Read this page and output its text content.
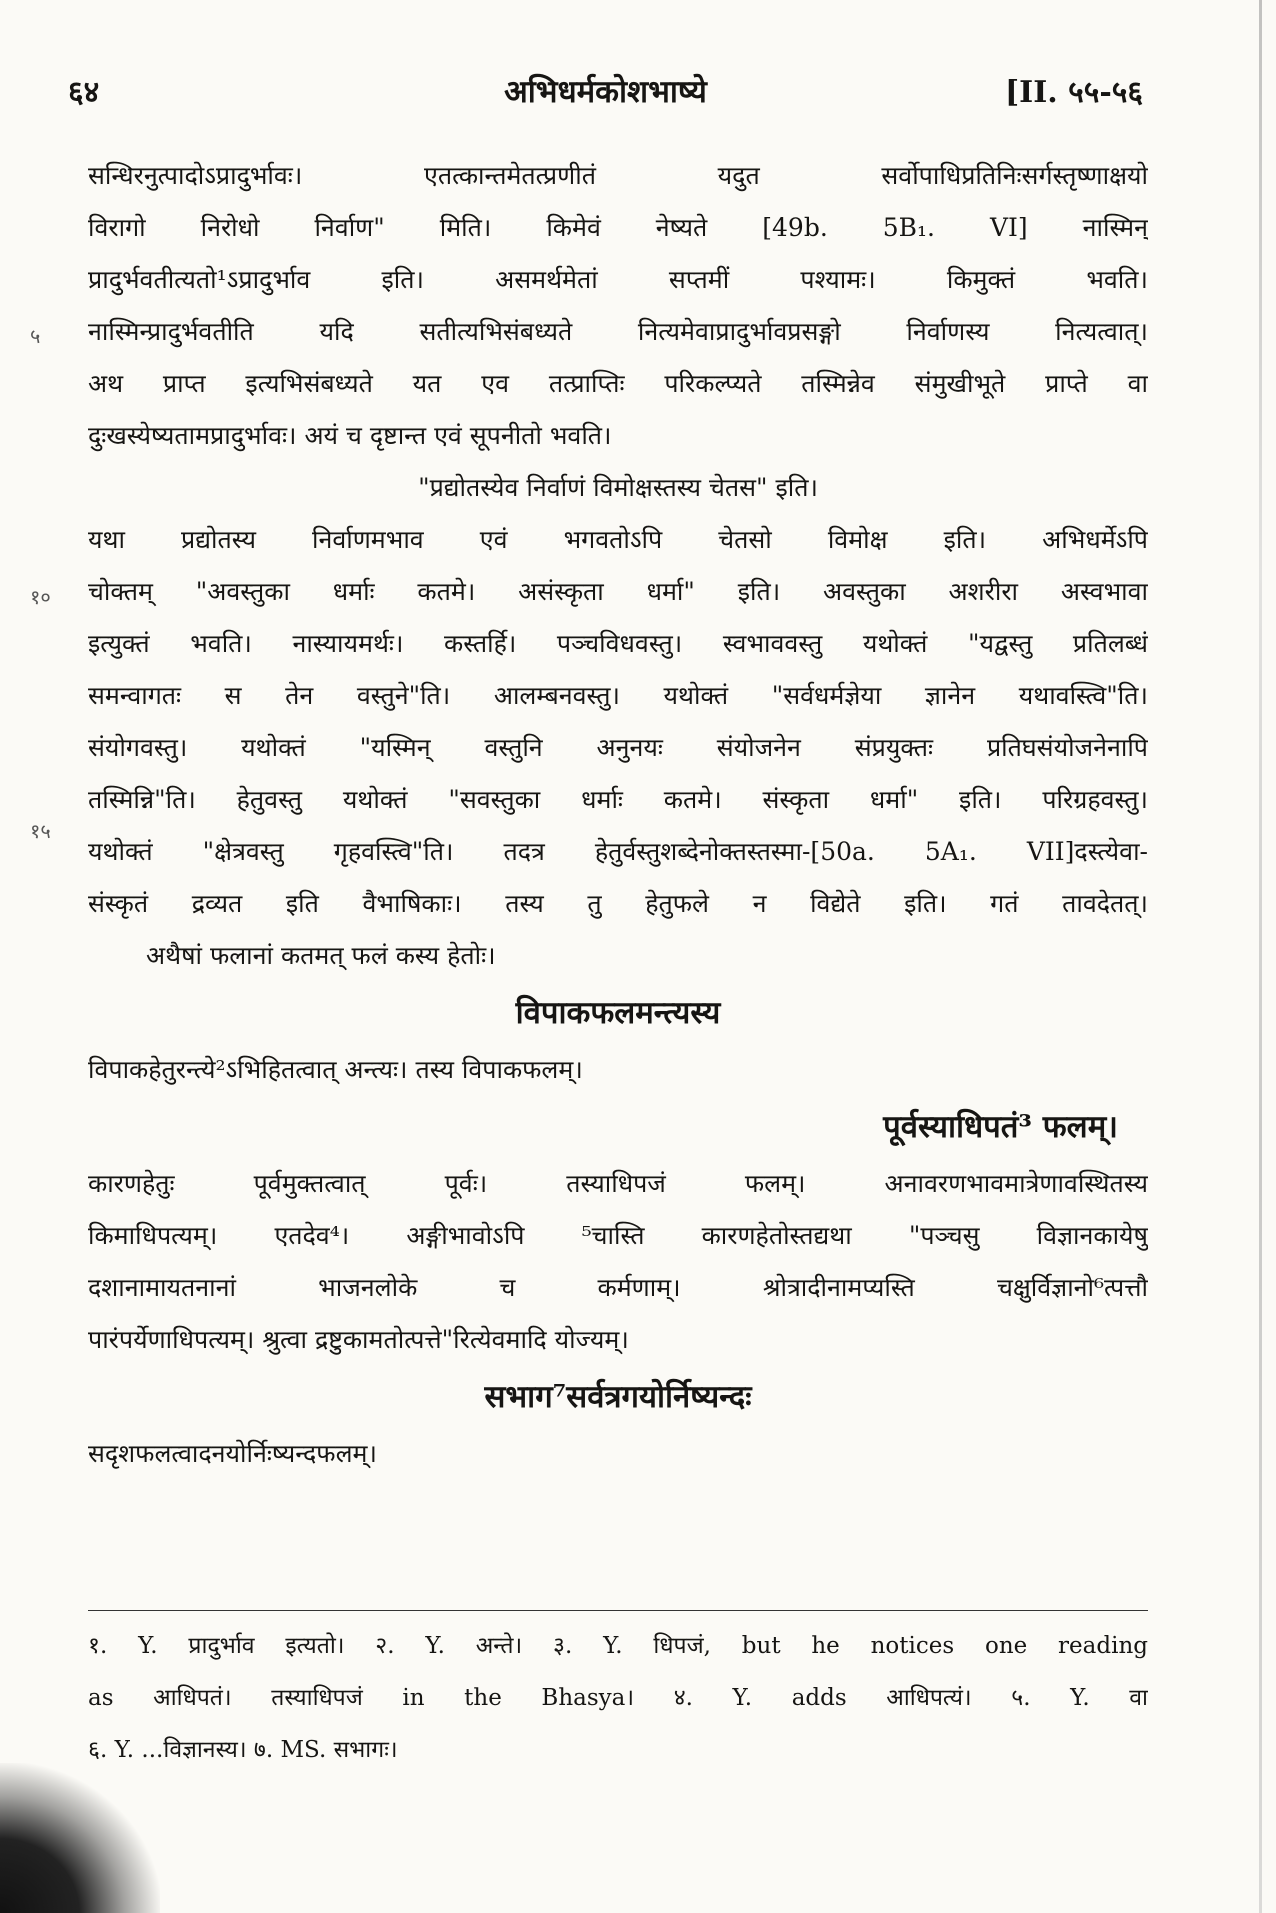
६४	अभिधर्मकोशभाष्ये	[II. ५५-५६
५
१०
१५
सन्धिरनुत्पादोऽप्रादुर्भावः। एतत्कान्तमेतत्प्रणीतं यदुत सर्वोपाधिप्रतिनिःसर्गस्तृष्णाक्षयो
विरागो निरोधो निर्वाण" मिति। किमेवं नेष्यते [49b. 5B₁. VI] नास्मिन्
प्रादुर्भवतीत्यतो¹ऽप्रादुर्भाव इति। असमर्थमेतां सप्तमीं पश्यामः। किमुक्तं भवति।
नास्मिन्प्रादुर्भवतीति यदि सतीत्यभिसंबध्यते नित्यमेवाप्रादुर्भावप्रसङ्गो निर्वाणस्य नित्यत्वात्।
अथ प्राप्त इत्यभिसंबध्यते यत एव तत्प्राप्तिः परिकल्प्यते तस्मिन्नेव संमुखीभूते प्राप्ते वा
दुःखस्येष्यतामप्रादुर्भावः। अयं च दृष्टान्त एवं सूपनीतो भवति।
"प्रद्योतस्येव निर्वाणं विमोक्षस्तस्य चेतस" इति।
यथा प्रद्योतस्य निर्वाणमभाव एवं भगवतोऽपि चेतसो विमोक्ष इति। अभिधर्मेऽपि
चोक्तम् "अवस्तुका धर्माः कतमे। असंस्कृता धर्मा" इति। अवस्तुका अशरीरा अस्वभावा
इत्युक्तं भवति। नास्यायमर्थः। कस्तर्हि। पञ्चविधवस्तु। स्वभाववस्तु यथोक्तं "यद्वस्तु प्रतिलब्धं
समन्वागतः स तेन वस्तुने"ति। आलम्बनवस्तु। यथोक्तं "सर्वधर्मज्ञेया ज्ञानेन यथावस्त्वि"ति।
संयोगवस्तु। यथोक्तं "यस्मिन् वस्तुनि अनुनयः संयोजनेन संप्रयुक्तः प्रतिघसंयोजनेनापि
तस्मिन्नि"ति। हेतुवस्तु यथोक्तं "सवस्तुका धर्माः कतमे। संस्कृता धर्मा" इति। परिग्रहवस्तु।
यथोक्तं "क्षेत्रवस्तु गृहवस्त्वि"ति। तदत्र हेतुर्वस्तुशब्देनोक्तस्तस्मा-[50a. 5A₁. VII]दस्त्येवा-
संस्कृतं द्रव्यत इति वैभाषिकाः। तस्य तु हेतुफले न विद्येते इति। गतं तावदेतत्।
अथैषां फलानां कतमत् फलं कस्य हेतोः।
विपाकफलमन्त्यस्य
विपाकहेतुरन्त्ये²ऽभिहितत्वात् अन्त्यः। तस्य विपाकफलम्।
पूर्वस्याधिपतं³ फलम्।
कारणहेतुः पूर्वमुक्तत्वात् पूर्वः। तस्याधिपजं फलम्। अनावरणभावमात्रेणावस्थितस्य
किमाधिपत्यम्। एतदेव⁴। अङ्गीभावोऽपि ⁵चास्ति कारणहेतोस्तद्यथा "पञ्चसु विज्ञानकायेषु
दशानामायतनानां भाजनलोके च कर्मणाम्। श्रोत्रादीनामप्यस्ति चक्षुर्विज्ञानो⁶त्पत्तौ
पारंपर्येणाधिपत्यम्। श्रुत्वा द्रष्टुकामतोत्पत्ते"रित्येवमादि योज्यम्।
सभाग⁷सर्वत्रगयोर्निष्यन्दः
सदृशफलत्वादनयोर्निःष्यन्दफलम्।
१. Y. प्रादुर्भाव इत्यतो। २. Y. अन्ते। ३. Y. धिपजं, but he notices one reading
as आधिपतं। तस्याधिपजं in the Bhasya। ४. Y. adds आधिपत्यं। ५. Y. वा
६. Y. ...विज्ञानस्य। ७. MS. सभागः।
